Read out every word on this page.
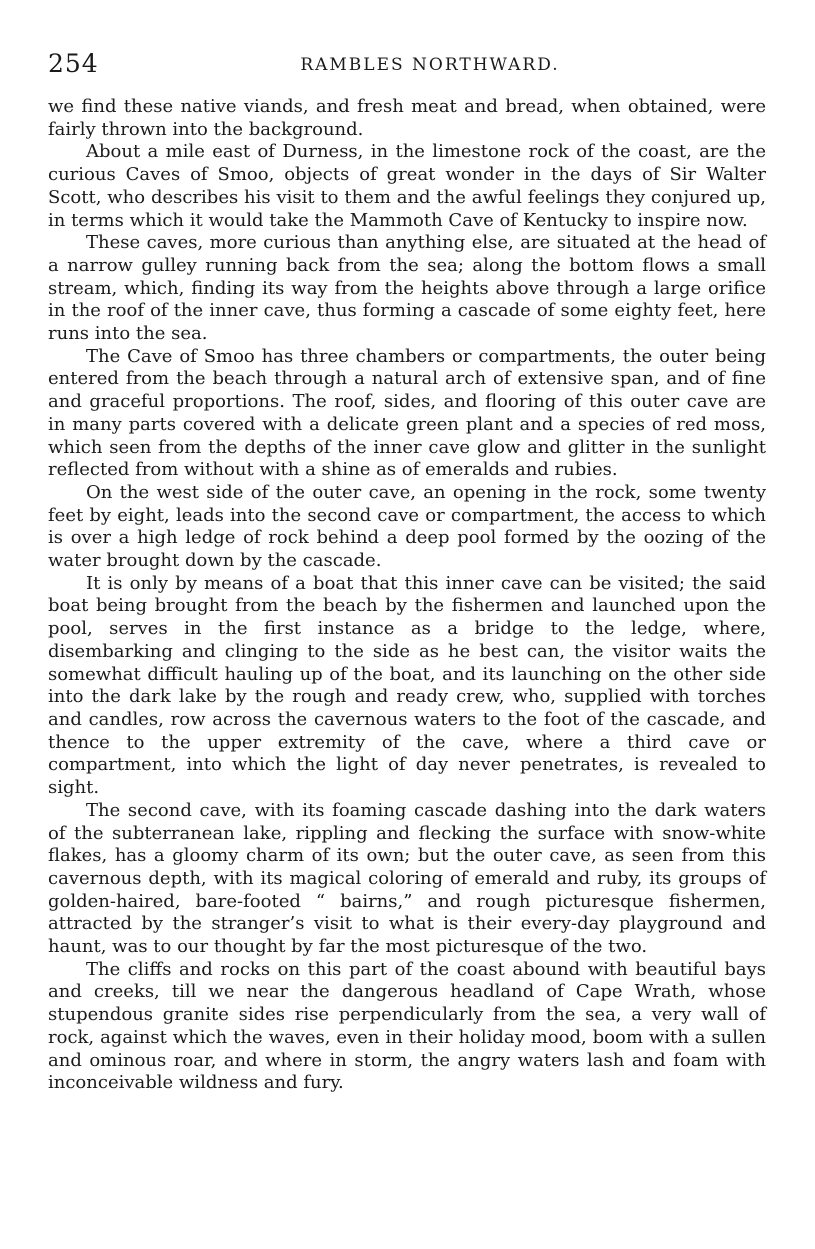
254	RAMBLES NORTHWARD.

we find these native viands, and fresh meat and bread, when obtained, were fairly thrown into the background.

About a mile east of Durness, in the limestone rock of the coast, are the curious Caves of Smoo, objects of great wonder in the days of Sir Walter Scott, who describes his visit to them and the awful feelings they conjured up, in terms which it would take the Mammoth Cave of Kentucky to inspire now.

These caves, more curious than anything else, are situated at the head of a narrow gulley running back from the sea; along the bottom flows a small stream, which, finding its way from the heights above through a large orifice in the roof of the inner cave, thus forming a cascade of some eighty feet, here runs into the sea.

The Cave of Smoo has three chambers or compartments, the outer being entered from the beach through a natural arch of extensive span, and of fine and graceful proportions. The roof, sides, and flooring of this outer cave are in many parts covered with a delicate green plant and a species of red moss, which seen from the depths of the inner cave glow and glitter in the sunlight reflected from without with a shine as of emeralds and rubies.

On the west side of the outer cave, an opening in the rock, some twenty feet by eight, leads into the second cave or compartment, the access to which is over a high ledge of rock behind a deep pool formed by the oozing of the water brought down by the cascade.

It is only by means of a boat that this inner cave can be visited; the said boat being brought from the beach by the fishermen and launched upon the pool, serves in the first instance as a bridge to the ledge, where, disembarking and clinging to the side as he best can, the visitor waits the somewhat difficult hauling up of the boat, and its launching on the other side into the dark lake by the rough and ready crew, who, supplied with torches and candles, row across the cavernous waters to the foot of the cascade, and thence to the upper extremity of the cave, where a third cave or compartment, into which the light of day never penetrates, is revealed to sight.

The second cave, with its foaming cascade dashing into the dark waters of the subterranean lake, rippling and flecking the surface with snow-white flakes, has a gloomy charm of its own; but the outer cave, as seen from this cavernous depth, with its magical coloring of emerald and ruby, its groups of golden-haired, bare-footed “ bairns,” and rough picturesque fishermen, attracted by the stranger’s visit to what is their every-day playground and haunt, was to our thought by far the most picturesque of the two.

The cliffs and rocks on this part of the coast abound with beautiful bays and creeks, till we near the dangerous headland of Cape Wrath, whose stupendous granite sides rise perpendicularly from the sea, a very wall of rock, against which the waves, even in their holiday mood, boom with a sullen and ominous roar, and where in storm, the angry waters lash and foam with inconceivable wildness and fury.
